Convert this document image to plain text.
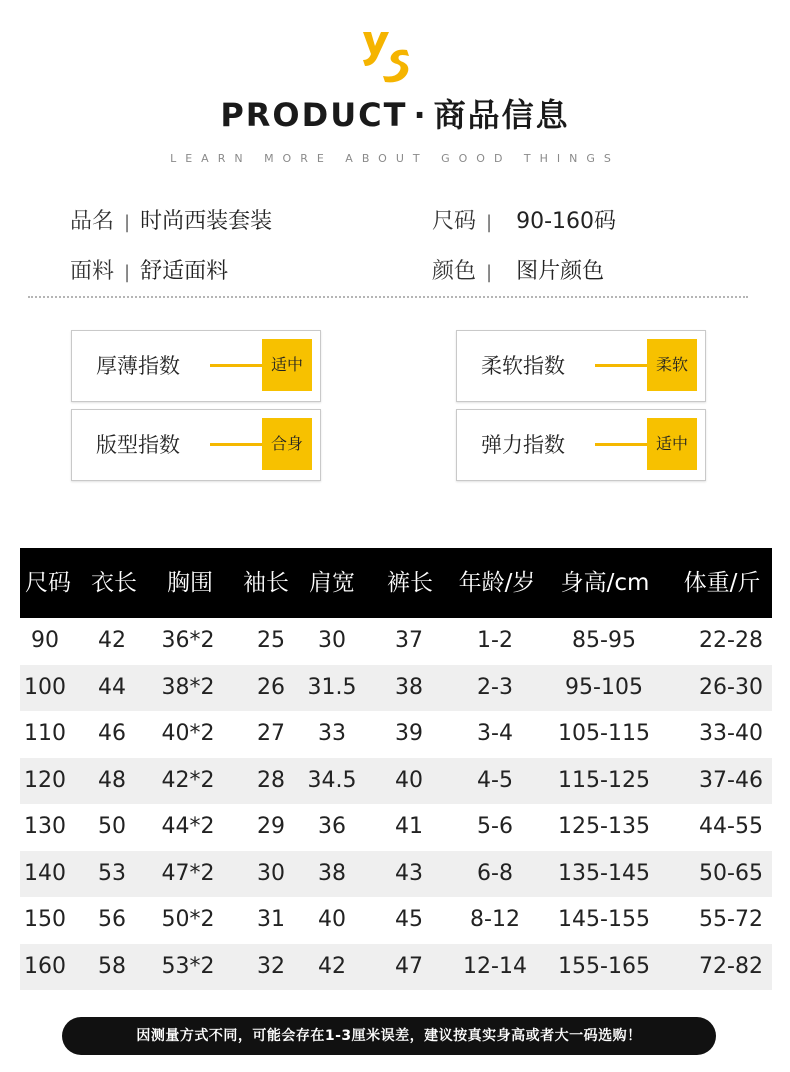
PRODUCT · 商品信息
LEARN MORE ABOUT GOOD THINGS
品名 | 时尚西装套装	尺码 | 90-160码
面料 | 舒适面料	颜色 | 图片颜色
厚薄指数	适中	柔软指数	柔软
版型指数	合身	弹力指数	适中
尺码 衣长 胸围 袖长 肩宽 裤长 年龄/岁 身高/cm 体重/斤
90 42 36*2 25 30 37 1-2	85-95	22-28
100 44 38*2 26 31.5 38 2-3 95-105	26-30
110 46 40*2 27 33 39 3-4 105-115 33-40
120 48 42*2 28 34.5 40 4-5 115-125 37-46
130 50 44*2 29 36 41 5-6 125-135 44-55
140 53 47*2 30 38 43 6-8 135-145 50-65
150 56 50*2 31 40 45 8-12 145-155 55-72
160 58 53*2 32 42 47 12-14 155-165 72-82
因测量方式不同，可能会存在1-3厘米误差，建议按真实身高或者大一码选购！
